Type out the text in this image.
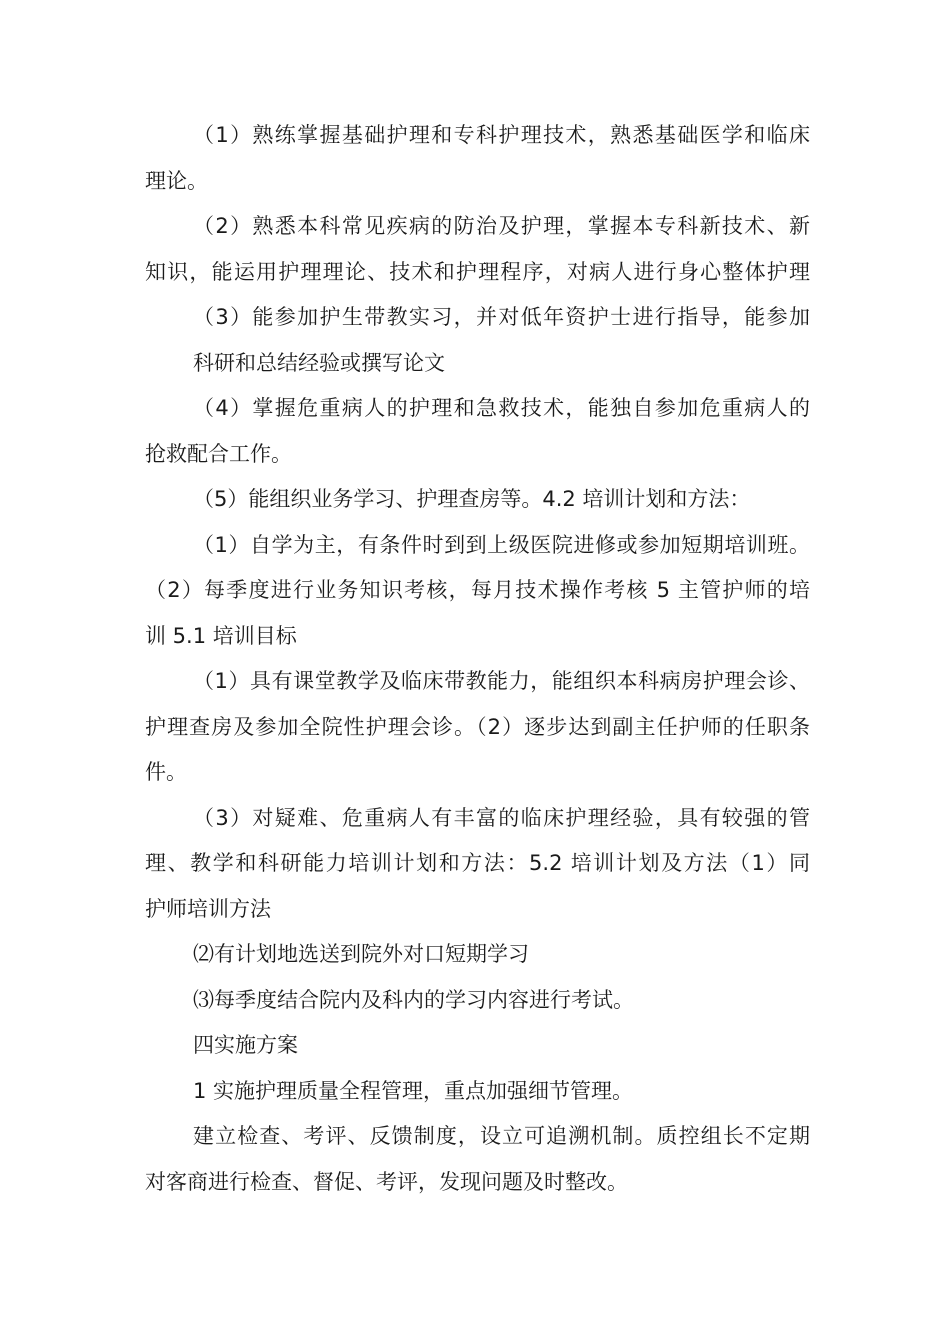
（1）熟练掌握基础护理和专科护理技术，熟悉基础医学和临床
理论。
（2）熟悉本科常见疾病的防治及护理，掌握本专科新技术、新
知识，能运用护理理论、技术和护理程序，对病人进行身心整体护理
（3）能参加护生带教实习，并对低年资护士进行指导，能参加
科研和总结经验或撰写论文
（4）掌握危重病人的护理和急救技术，能独自参加危重病人的
抢救配合工作。
（5）能组织业务学习、护理查房等。4.2 培训计划和方法：
（1）自学为主，有条件时到到上级医院进修或参加短期培训班。
（2）每季度进行业务知识考核，每月技术操作考核 5 主管护师的培
训 5.1 培训目标
（1）具有课堂教学及临床带教能力，能组织本科病房护理会诊、
护理查房及参加全院性护理会诊。（2）逐步达到副主任护师的任职条
件。
（3）对疑难、危重病人有丰富的临床护理经验，具有较强的管
理、教学和科研能力培训计划和方法：5.2 培训计划及方法（1）同
护师培训方法
⑵有计划地选送到院外对口短期学习
⑶每季度结合院内及科内的学习内容进行考试。
四实施方案
1 实施护理质量全程管理，重点加强细节管理。
建立检查、考评、反馈制度，设立可追溯机制。质控组长不定期
对客商进行检查、督促、考评，发现问题及时整改。
